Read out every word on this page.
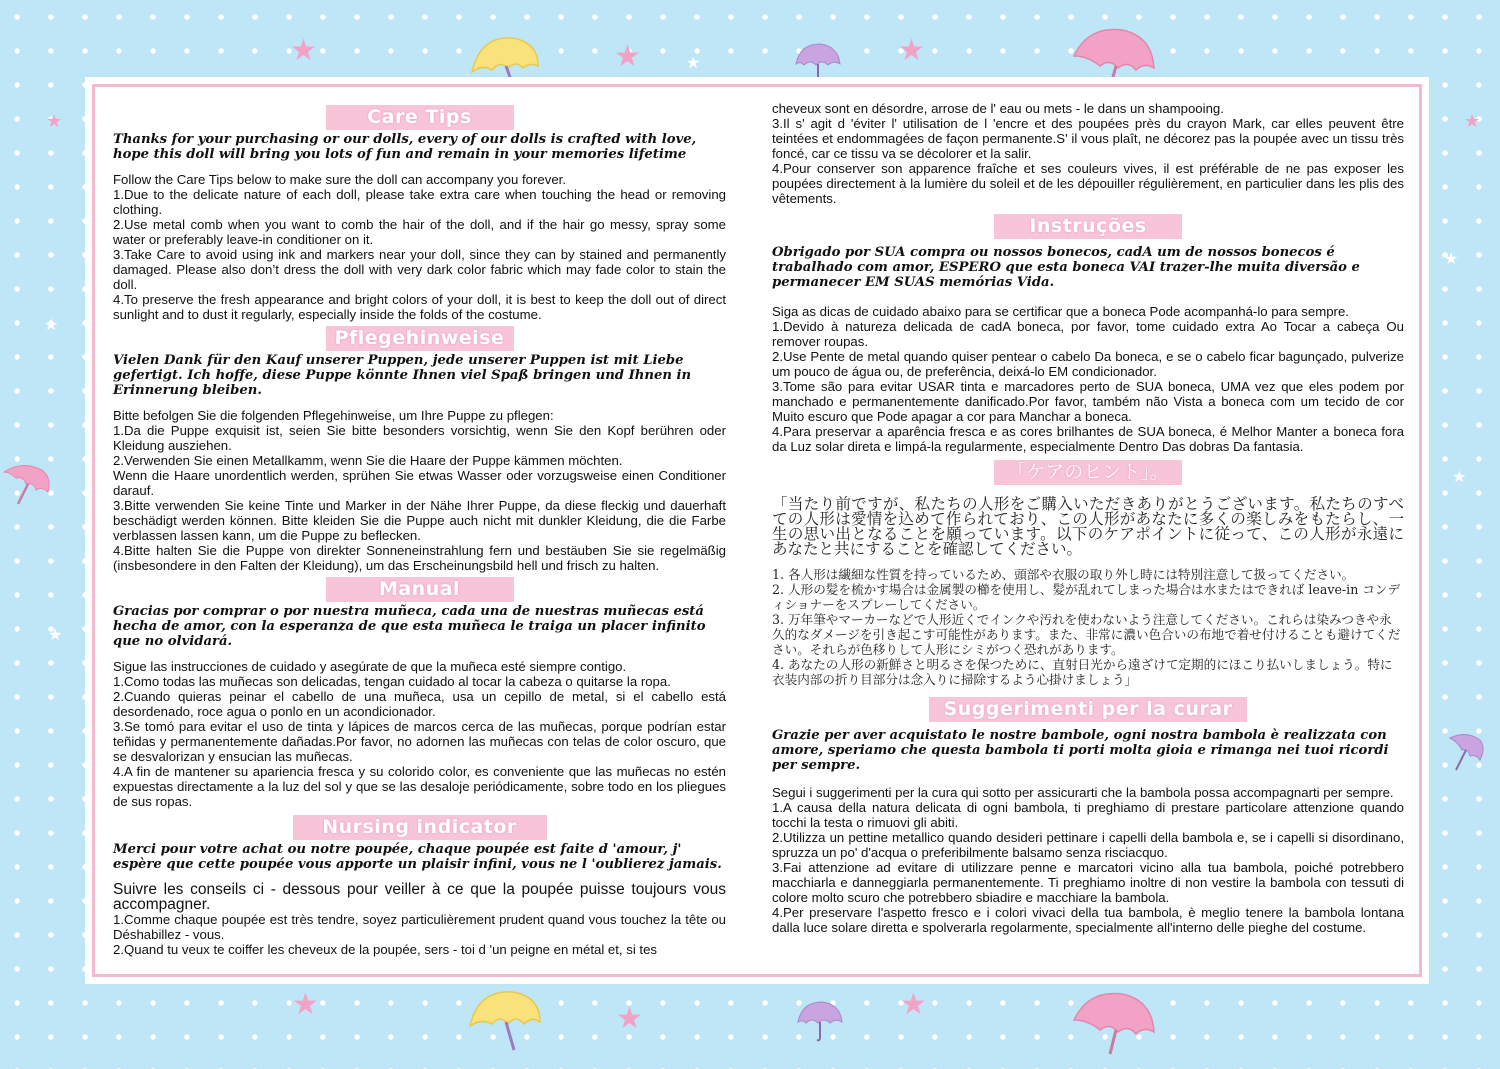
★	★	★
★	★
★	★	★
★
★
★
★
★
Care Tips

Thanks for your purchasing or our dolls, every of our dolls is crafted with love, hope this doll will bring you lots of fun and remain in your memories lifetime

Follow the Care Tips below to make sure the doll can accompany you forever.

1.Due to the delicate nature of each doll, please take extra care when touching the head or removing clothing.

2.Use metal comb when you want to comb the hair of the doll, and if the hair go messy, spray some water or preferably leave-in conditioner on it.

3.Take Care to avoid using ink and markers near your doll, since they can by stained and permanently damaged. Please also don’t dress the doll with very dark color fabric which may fade color to stain the doll.

4.To preserve the fresh appearance and bright colors of your doll, it is best to keep the doll out of direct sunlight and to dust it regularly, especially inside the folds of the costume.

Pflegehinweise

Vielen Dank für den Kauf unserer Puppen, jede unserer Puppen ist mit Liebe gefertigt. Ich hoffe, diese Puppe könnte Ihnen viel Spaß bringen und Ihnen in Erinnerung bleiben.

Bitte befolgen Sie die folgenden Pflegehinweise, um Ihre Puppe zu pflegen:

1.Da die Puppe exquisit ist, seien Sie bitte besonders vorsichtig, wenn Sie den Kopf berühren oder Kleidung ausziehen.

2.Verwenden Sie einen Metallkamm, wenn Sie die Haare der Puppe kämmen möchten.

Wenn die Haare unordentlich werden, sprühen Sie etwas Wasser oder vorzugsweise einen Conditioner darauf.

3.Bitte verwenden Sie keine Tinte und Marker in der Nähe Ihrer Puppe, da diese fleckig und dauerhaft beschädigt werden können. Bitte kleiden Sie die Puppe auch nicht mit dunkler Kleidung, die die Farbe verblassen lassen kann, um die Puppe zu beflecken.

4.Bitte halten Sie die Puppe von direkter Sonneneinstrahlung fern und bestäuben Sie sie regelmäßig (insbesondere in den Falten der Kleidung), um das Erscheinungsbild hell und frisch zu halten.

Manual

Gracias por comprar o por nuestra muñeca, cada una de nuestras muñecas está hecha de amor, con la esperanza de que esta muñeca le traiga un placer infinito que no olvidará.

Sigue las instrucciones de cuidado y asegúrate de que la muñeca esté siempre contigo.

1.Como todas las muñecas son delicadas, tengan cuidado al tocar la cabeza o quitarse la ropa.

2.Cuando quieras peinar el cabello de una muñeca, usa un cepillo de metal, si el cabello está desordenado, roce agua o ponlo en un acondicionador.

3.Se tomó para evitar el uso de tinta y lápices de marcos cerca de las muñecas, porque podrían estar teñidas y permanentemente dañadas.Por favor, no adornen las muñecas con telas de color oscuro, que se desvalorizan y ensucian las muñecas.

4.A fin de mantener su apariencia fresca y su colorido color, es conveniente que las muñecas no estén expuestas directamente a la luz del sol y que se las desaloje periódicamente, sobre todo en los pliegues de sus ropas.

Nursing indicator

Merci pour votre achat ou notre poupée, chaque poupée est faite d 'amour, j' espère que cette poupée vous apporte un plaisir infini, vous ne l 'oublierez jamais.

Suivre les conseils ci - dessous pour veiller à ce que la poupée puisse toujours vous accompagner.

1.Comme chaque poupée est très tendre, soyez particulièrement prudent quand vous touchez la tête ou Déshabillez - vous.

2.Quand tu veux te coiffer les cheveux de la poupée, sers - toi d 'un peigne en métal et, si tes

cheveux sont en désordre, arrose de l' eau ou mets - le dans un shampooing.

3.Il s' agit d 'éviter l' utilisation de l 'encre et des poupées près du crayon Mark, car elles peuvent être teintées et endommagées de façon permanente.S' il vous plaît, ne décorez pas la poupée avec un tissu très foncé, car ce tissu va se décolorer et la salir.

4.Pour conserver son apparence fraîche et ses couleurs vives, il est préférable de ne pas exposer les poupées directement à la lumière du soleil et de les dépouiller régulièrement, en particulier dans les plis des vêtements.

Instruções

Obrigado por SUA compra ou nossos bonecos, cadA um de nossos bonecos é trabalhado com amor, ESPERO que esta boneca VAI trazer-lhe muita diversão e permanecer EM SUAS memórias Vida.

Siga as dicas de cuidado abaixo para se certificar que a boneca Pode acompanhá-lo para sempre.

1.Devido à natureza delicada de cadA boneca, por favor, tome cuidado extra Ao Tocar a cabeça Ou remover roupas.

2.Use Pente de metal quando quiser pentear o cabelo Da boneca, e se o cabelo ficar bagunçado, pulverize um pouco de água ou, de preferência, deixá-lo EM condicionador.

3.Tome são para evitar USAR tinta e marcadores perto de SUA boneca, UMA vez que eles podem por manchado e permanentemente danificado.Por favor, também não Vista a boneca com um tecido de cor Muito escuro que Pode apagar a cor para Manchar a boneca.

4.Para preservar a aparência fresca e as cores brilhantes de SUA boneca, é Melhor Manter a boneca fora da Luz solar direta e limpá-la regularmente, especialmente Dentro Das dobras Da fantasia.

「ケアのヒント」。

「当たり前ですが、私たちの人形をご購入いただきありがとうございます。私たちのすべての人形は愛情を込めて作られており、この人形があなたに多くの楽しみをもたらし、一生の思い出となることを願っています。以下のケアポイントに従って、この人形が永遠にあなたと共にすることを確認してください。

1. 各人形は繊細な性質を持っているため、頭部や衣服の取り外し時には特別注意して扱ってください。

2. 人形の髪を梳かす場合は金属製の櫛を使用し、髪が乱れてしまった場合は水またはできれば leave-in コンディショナーをスプレーしてください。

3. 万年筆やマーカーなどで人形近くでインクや汚れを使わないよう注意してください。これらは染みつきや永久的なダメージを引き起こす可能性があります。また、非常に濃い色合いの布地で着せ付けることも避けてください。それらが色移りして人形にシミがつく恐れがあります。

4. あなたの人形の新鮮さと明るさを保つために、直射日光から遠ざけて定期的にほこり払いしましょう。特に衣装内部の折り目部分は念入りに掃除するよう心掛けましょう」

Suggerimenti per la curar

Grazie per aver acquistato le nostre bambole, ogni nostra bambola è realizzata con amore, speriamo che questa bambola ti porti molta gioia e rimanga nei tuoi ricordi per sempre.

Segui i suggerimenti per la cura qui sotto per assicurarti che la bambola possa accompagnarti per sempre.

1.A causa della natura delicata di ogni bambola, ti preghiamo di prestare particolare attenzione quando tocchi la testa o rimuovi gli abiti.

2.Utilizza un pettine metallico quando desideri pettinare i capelli della bambola e, se i capelli si disordinano, spruzza un po' d'acqua o preferibilmente balsamo senza risciacquo.

3.Fai attenzione ad evitare di utilizzare penne e marcatori vicino alla tua bambola, poiché potrebbero macchiarla e danneggiarla permanentemente. Ti preghiamo inoltre di non vestire la bambola con tessuti di colore molto scuro che potrebbero sbiadire e macchiare la bambola.

4.Per preservare l'aspetto fresco e i colori vivaci della tua bambola, è meglio tenere la bambola lontana dalla luce solare diretta e spolverarla regolarmente, specialmente all'interno delle pieghe del costume.
